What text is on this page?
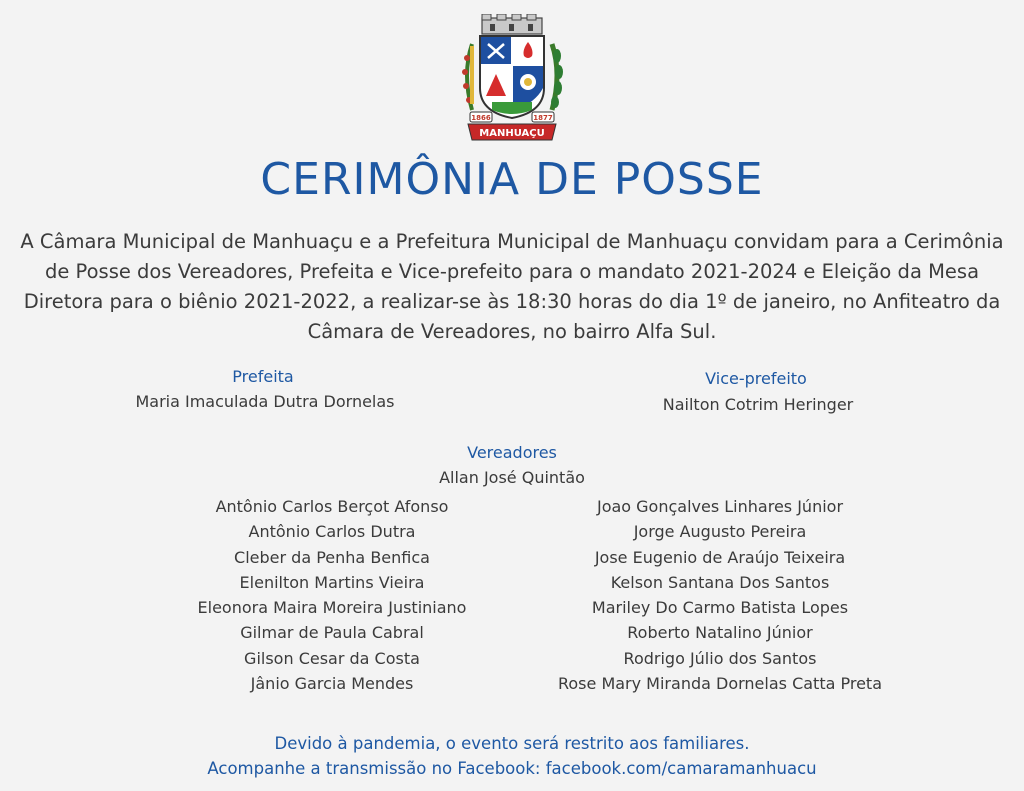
1866	1877
MANHUAÇU
CERIMÔNIA DE POSSE
A Câmara Municipal de Manhuaçu e a Prefeitura Municipal de Manhuaçu convidam para a Cerimônia de Posse dos Vereadores, Prefeita e Vice-prefeito para o mandato 2021-2024 e Eleição da Mesa Diretora para o biênio 2021-2022, a realizar-se às 18:30 horas do dia 1º de janeiro, no Anfiteatro da Câmara de Vereadores, no bairro Alfa Sul.
Prefeita
Maria Imaculada Dutra Dornelas
Vice-prefeito
Nailton Cotrim Heringer
Vereadores
Allan José Quintão
Antônio Carlos Berçot Afonso
Antônio Carlos Dutra
Cleber da Penha Benfica
Elenilton Martins Vieira
Eleonora Maira Moreira Justiniano
Gilmar de Paula Cabral
Gilson Cesar da Costa
Jânio Garcia Mendes
Joao Gonçalves Linhares Júnior
Jorge Augusto Pereira
Jose Eugenio de Araújo Teixeira
Kelson Santana Dos Santos
Mariley Do Carmo Batista Lopes
Roberto Natalino Júnior
Rodrigo Júlio dos Santos
Rose Mary Miranda Dornelas Catta Preta
Devido à pandemia, o evento será restrito aos familiares.
Acompanhe a transmissão no Facebook: facebook.com/camaramanhuacu
